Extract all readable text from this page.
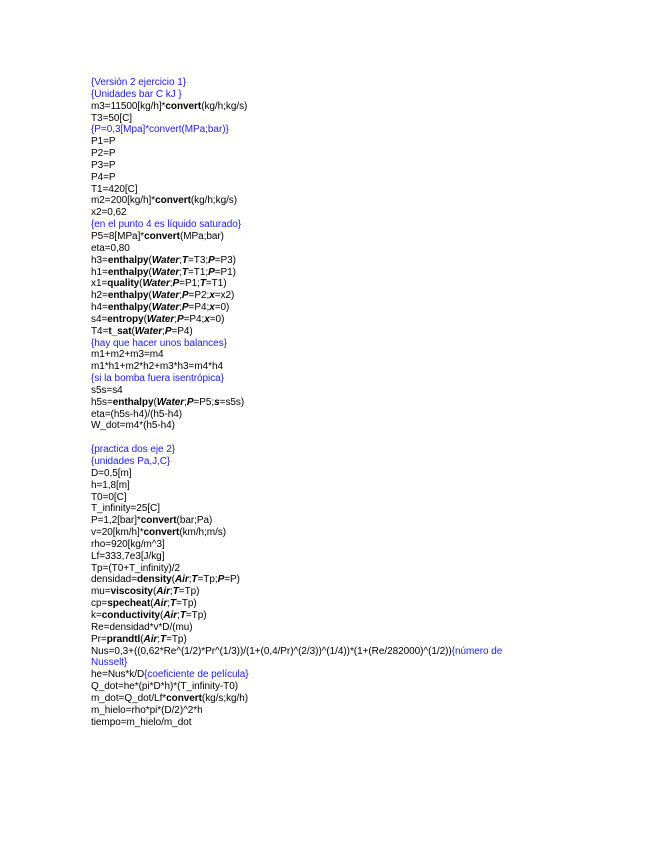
{Versión 2 ejercicio 1}
{Unidades bar C kJ }
m3=11500[kg/h]*convert(kg/h;kg/s)
T3=50[C]
{P=0,3[Mpa]*convert(MPa;bar)}
P1=P
P2=P
P3=P
P4=P
T1=420[C]
m2=200[kg/h]*convert(kg/h;kg/s)
x2=0,62
{en el punto 4 es líquido saturado}
P5=8[MPa]*convert(MPa;bar)
eta=0,80
h3=enthalpy(Water;T=T3;P=P3)
h1=enthalpy(Water;T=T1;P=P1)
x1=quality(Water;P=P1;T=T1)
h2=enthalpy(Water;P=P2;x=x2)
h4=enthalpy(Water;P=P4;x=0)
s4=entropy(Water;P=P4;x=0)
T4=t_sat(Water;P=P4)
{hay que hacer unos balances}
m1+m2+m3=m4
m1*h1+m2*h2+m3*h3=m4*h4
{si la bomba fuera isentrópica}
s5s=s4
h5s=enthalpy(Water;P=P5;s=s5s)
eta=(h5s-h4)/(h5-h4)
W_dot=m4*(h5-h4)
{practica dos eje 2}
{unidades Pa,J,C}
D=0,5[m]
h=1,8[m]
T0=0[C]
T_infinity=25[C]
P=1,2[bar]*convert(bar;Pa)
v=20[km/h]*convert(km/h;m/s)
rho=920[kg/m^3]
Lf=333,7e3[J/kg]
Tp=(T0+T_infinity)/2
densidad=density(Air;T=Tp;P=P)
mu=viscosity(Air;T=Tp)
cp=specheat(Air;T=Tp)
k=conductivity(Air;T=Tp)
Re=densidad*v*D/(mu)
Pr=prandtl(Air;T=Tp)
Nus=0,3+((0,62*Re^(1/2)*Pr^(1/3))/(1+(0,4/Pr)^(2/3))^(1/4))*(1+(Re/282000)^(1/2)){número de Nusselt}
he=Nus*k/D{coeficiente de película}
Q_dot=he*(pi*D*h)*(T_infinity-T0)
m_dot=Q_dot/Lf*convert(kg/s;kg/h)
m_hielo=rho*pi*(D/2)^2*h
tiempo=m_hielo/m_dot
